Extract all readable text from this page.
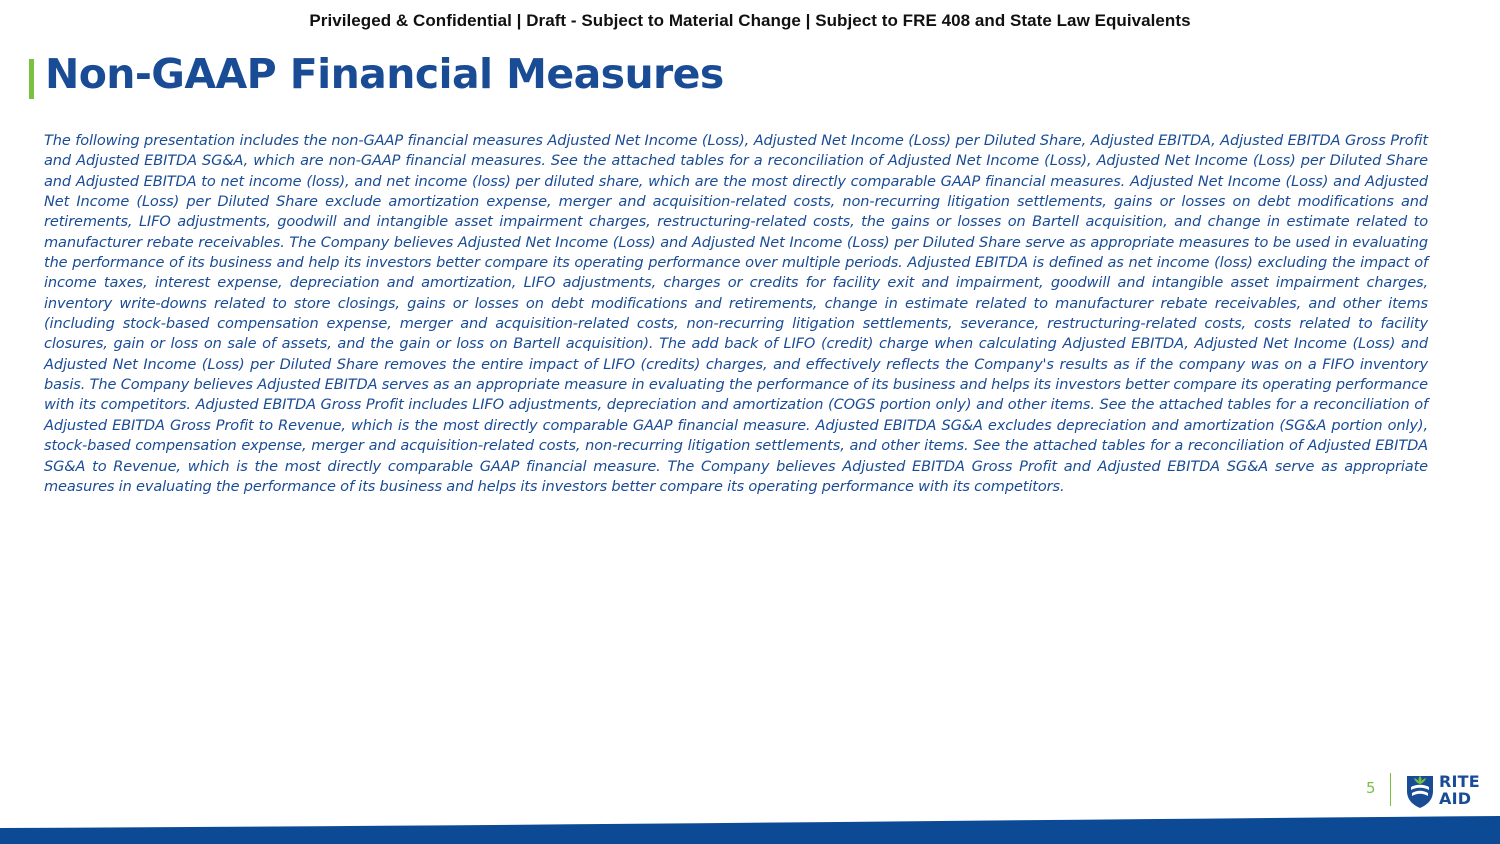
Privileged & Confidential | Draft - Subject to Material Change | Subject to FRE 408 and State Law Equivalents
Non-GAAP Financial Measures

The following presentation includes the non-GAAP financial measures Adjusted Net Income (Loss), Adjusted Net Income (Loss) per Diluted Share, Adjusted EBITDA, Adjusted EBITDA Gross Profit and Adjusted EBITDA SG&A, which are non-GAAP financial measures. See the attached tables for a reconciliation of Adjusted Net Income (Loss), Adjusted Net Income (Loss) per Diluted Share and Adjusted EBITDA to net income (loss), and net income (loss) per diluted share, which are the most directly comparable GAAP financial measures. Adjusted Net Income (Loss) and Adjusted Net Income (Loss) per Diluted Share exclude amortization expense, merger and acquisition-related costs, non-recurring litigation settlements, gains or losses on debt modifications and retirements, LIFO adjustments, goodwill and intangible asset impairment charges, restructuring-related costs, the gains or losses on Bartell acquisition, and change in estimate related to manufacturer rebate receivables. The Company believes Adjusted Net Income (Loss) and Adjusted Net Income (Loss) per Diluted Share serve as appropriate measures to be used in evaluating the performance of its business and help its investors better compare its operating performance over multiple periods. Adjusted EBITDA is defined as net income (loss) excluding the impact of income taxes, interest expense, depreciation and amortization, LIFO adjustments, charges or credits for facility exit and impairment, goodwill and intangible asset impairment charges, inventory write-downs related to store closings, gains or losses on debt modifications and retirements, change in estimate related to manufacturer rebate receivables, and other items (including stock-based compensation expense, merger and acquisition-related costs, non-recurring litigation settlements, severance, restructuring-related costs, costs related to facility closures, gain or loss on sale of assets, and the gain or loss on Bartell acquisition). The add back of LIFO (credit) charge when calculating Adjusted EBITDA, Adjusted Net Income (Loss) and Adjusted Net Income (Loss) per Diluted Share removes the entire impact of LIFO (credits) charges, and effectively reflects the Company's results as if the company was on a FIFO inventory basis. The Company believes Adjusted EBITDA serves as an appropriate measure in evaluating the performance of its business and helps its investors better compare its operating performance with its competitors. Adjusted EBITDA Gross Profit includes LIFO adjustments, depreciation and amortization (COGS portion only) and other items. See the attached tables for a reconciliation of Adjusted EBITDA Gross Profit to Revenue, which is the most directly comparable GAAP financial measure. Adjusted EBITDA SG&A excludes depreciation and amortization (SG&A portion only), stock-based compensation expense, merger and acquisition-related costs, non-recurring litigation settlements, and other items. See the attached tables for a reconciliation of Adjusted EBITDA SG&A to Revenue, which is the most directly comparable GAAP financial measure. The Company believes Adjusted EBITDA Gross Profit and Adjusted EBITDA SG&A serve as appropriate measures in evaluating the performance of its business and helps its investors better compare its operating performance with its competitors.

5	RITE
AID
